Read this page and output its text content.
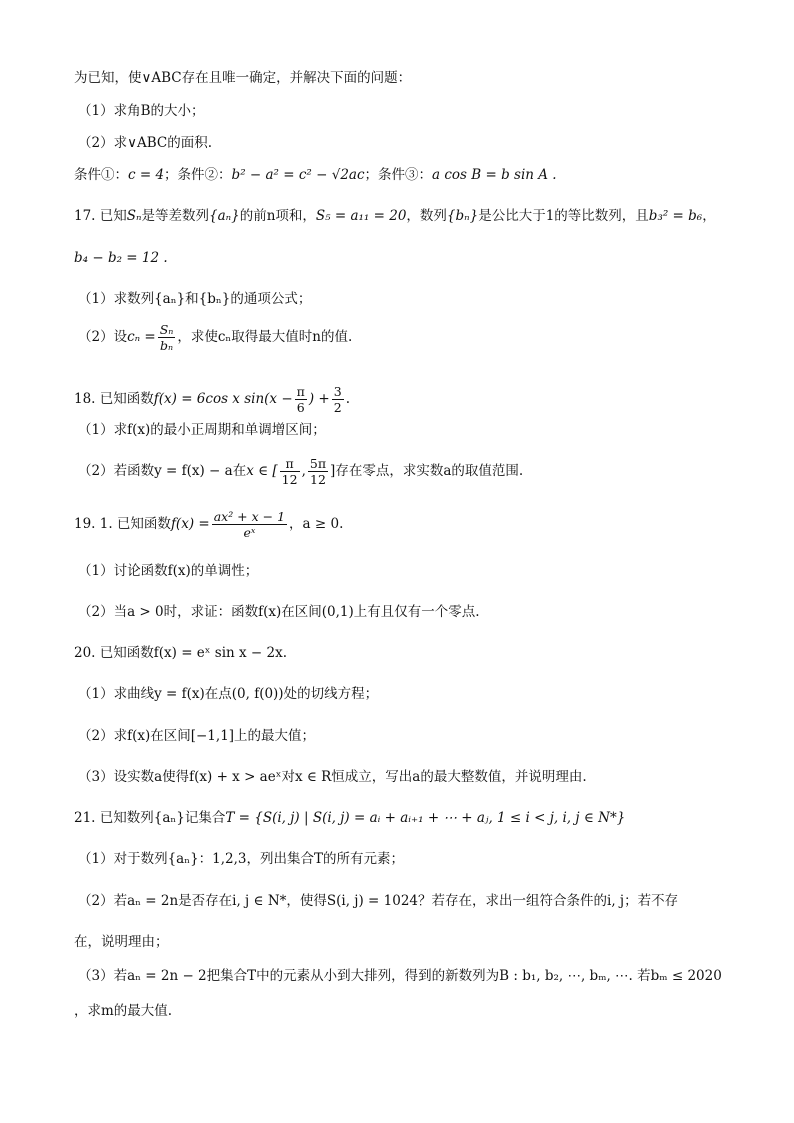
为已知，使∨ABC存在且唯一确定，并解决下面的问题：
（1）求角B的大小；
（2）求∨ABC的面积.
条件①：c = 4；条件②：b² − a² = c² − √2ac；条件③：a cos B = b sin A .
17. 已知Sₙ是等差数列{aₙ}的前n项和，S₅ = a₁₁ = 20，数列{bₙ}是公比大于1的等比数列，且b₃² = b₆，
b₄ − b₂ = 12 .
（1）求数列{aₙ}和{bₙ}的通项公式；
（2）设$c_n = \frac{\text{Sₙ}}{\text{bₙ}}$ ，求使cₙ取得最大值时n的值.
18. 已知函数f(x) = 6cos x $\sin(x - \frac{\pi}{6}$ ) + $\frac{3}{2}$ .
（1）求f(x)的最小正周期和单调增区间；
（2）若函数y = f(x) − a在x ∈ [ $\frac{\pi}{12}$ , $\frac{5\pi}{12}$ ]存在零点，求实数a的取值范围.
19. 1. 已知函数$f(x) = \frac{\text{ax² + x − 1}}{\text{eˣ}}$ ，a ≥ 0.
（1）讨论函数f(x)的单调性；
（2）当a > 0时，求证：函数f(x)在区间(0,1)上有且仅有一个零点.
20. 已知函数f(x) = eˣ sin x − 2x.
（1）求曲线y = f(x)在点(0, f(0))处的切线方程；
（2）求f(x)在区间[−1,1]上的最大值；
（3）设实数a使得f(x) + x > aeˣ对x ∈ R恒成立，写出a的最大整数值，并说明理由.
21. 已知数列{aₙ}记集合T = {S(i, j) | S(i, j) = aᵢ + aᵢ₊₁ + ⋯ + aⱼ, 1 ≤ i < j, i, j ∈ N*}
（1）对于数列{aₙ}：1,2,3，列出集合T的所有元素；
（2）若aₙ = 2n是否存在i, j ∈ N*，使得S(i, j) = 1024？若存在，求出一组符合条件的i, j；若不存
在，说明理由；
（3）若aₙ = 2n − 2把集合T中的元素从小到大排列，得到的新数列为B : b₁, b₂, ⋯, bₘ, ⋯. 若bₘ ≤ 2020
，求m的最大值.
